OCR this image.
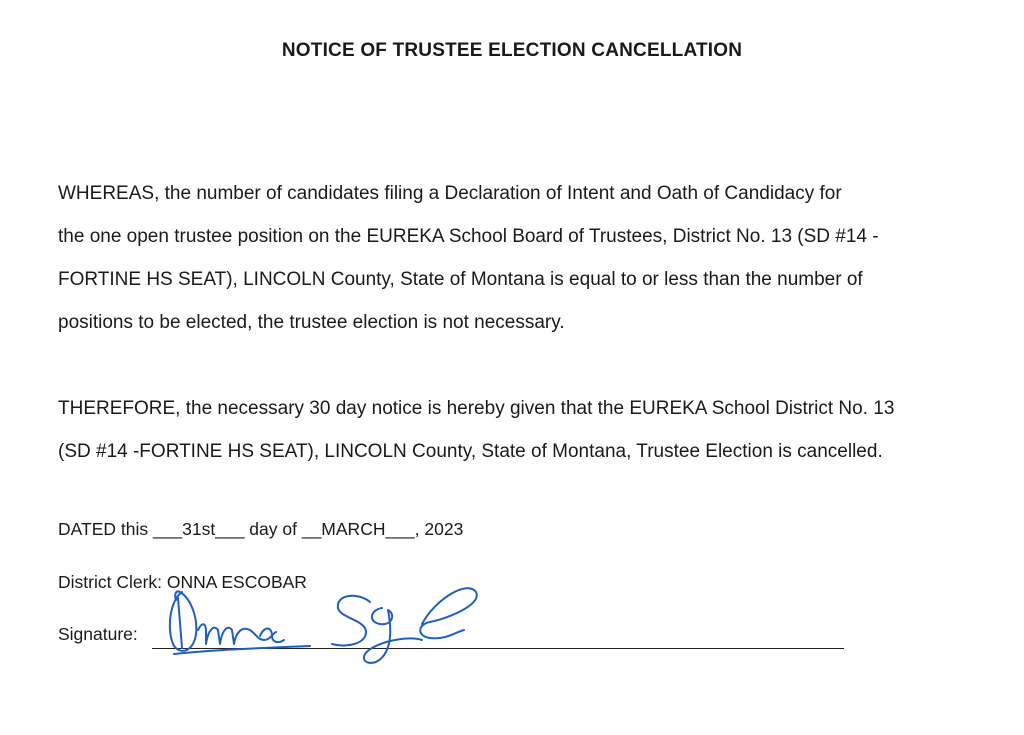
NOTICE OF TRUSTEE ELECTION CANCELLATION
WHEREAS, the number of candidates filing a Declaration of Intent and Oath of Candidacy for
the one open trustee position on the EUREKA School Board of Trustees, District No. 13 (SD #14 -
FORTINE HS SEAT), LINCOLN County, State of Montana is equal to or less than the number of
positions to be elected, the trustee election is not necessary.
THEREFORE, the necessary 30 day notice is hereby given that the EUREKA School District No. 13
(SD #14 -FORTINE HS SEAT), LINCOLN County, State of Montana, Trustee Election is cancelled.
DATED this ___31st___ day of __MARCH___, 2023
District Clerk: ONNA ESCOBAR
Signature:
